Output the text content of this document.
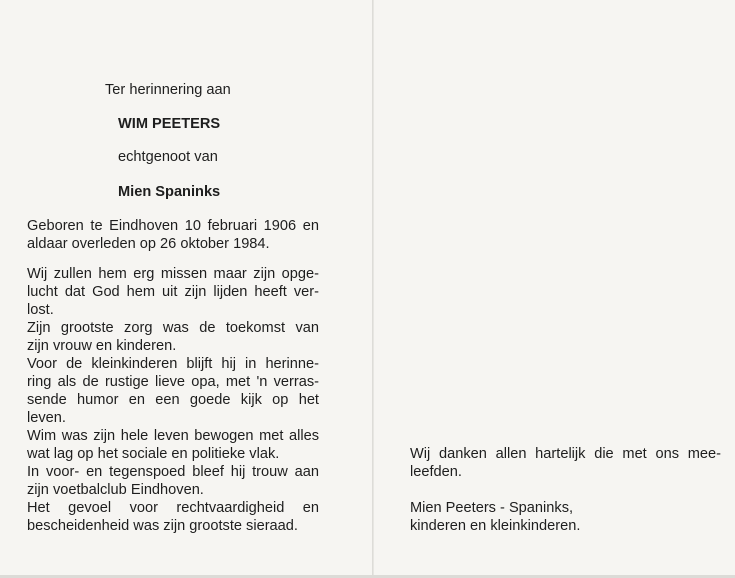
Ter herinnering aan

WIM PEETERS

echtgenoot van

Mien Spaninks

Geboren te Eindhoven 10 februari 1906 en
aldaar overleden op 26 oktober 1984.
Wij zullen hem erg missen maar zijn opge-
lucht dat God hem uit zijn lijden heeft ver-
lost.
Zijn grootste zorg was de toekomst van
zijn vrouw en kinderen.
Voor de kleinkinderen blijft hij in herinne-
ring als de rustige lieve opa, met 'n verras-
sende humor en een goede kijk op het
leven.
Wim was zijn hele leven bewogen met alles
wat lag op het sociale en politieke vlak.
In voor- en tegenspoed bleef hij trouw aan
zijn voetbalclub Eindhoven.
Het gevoel voor rechtvaardigheid en
bescheidenheid was zijn grootste sieraad.
Wij danken allen hartelijk die met ons mee-
leefden.
Mien Peeters - Spaninks,
kinderen en kleinkinderen.
